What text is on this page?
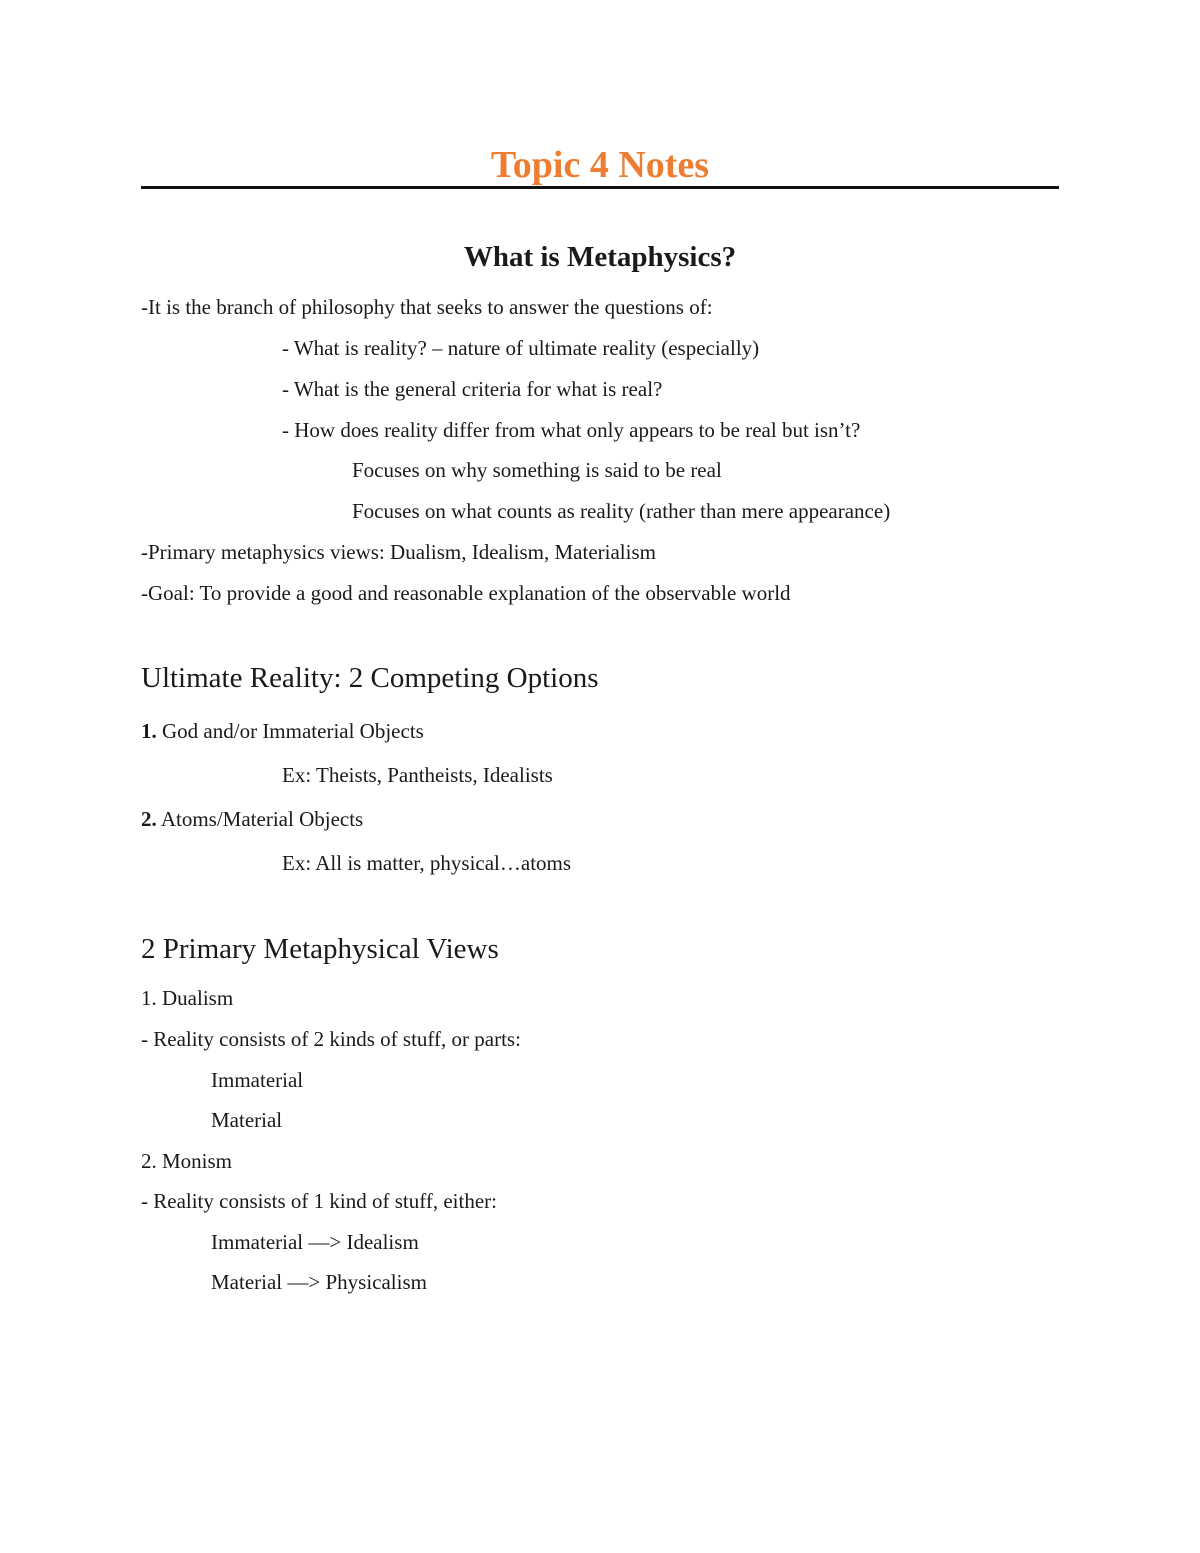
Topic 4 Notes
What is Metaphysics?
-It is the branch of philosophy that seeks to answer the questions of:
- What is reality? – nature of ultimate reality (especially)
- What is the general criteria for what is real?
- How does reality differ from what only appears to be real but isn’t?
Focuses on why something is said to be real
Focuses on what counts as reality (rather than mere appearance)
-Primary metaphysics views: Dualism, Idealism, Materialism
-Goal: To provide a good and reasonable explanation of the observable world
Ultimate Reality: 2 Competing Options
1. God and/or Immaterial Objects
Ex: Theists, Pantheists, Idealists
2. Atoms/Material Objects
Ex: All is matter, physical…atoms
2 Primary Metaphysical Views
1. Dualism
- Reality consists of 2 kinds of stuff, or parts:
Immaterial
Material
2. Monism
- Reality consists of 1 kind of stuff, either:
Immaterial —> Idealism
Material —> Physicalism
